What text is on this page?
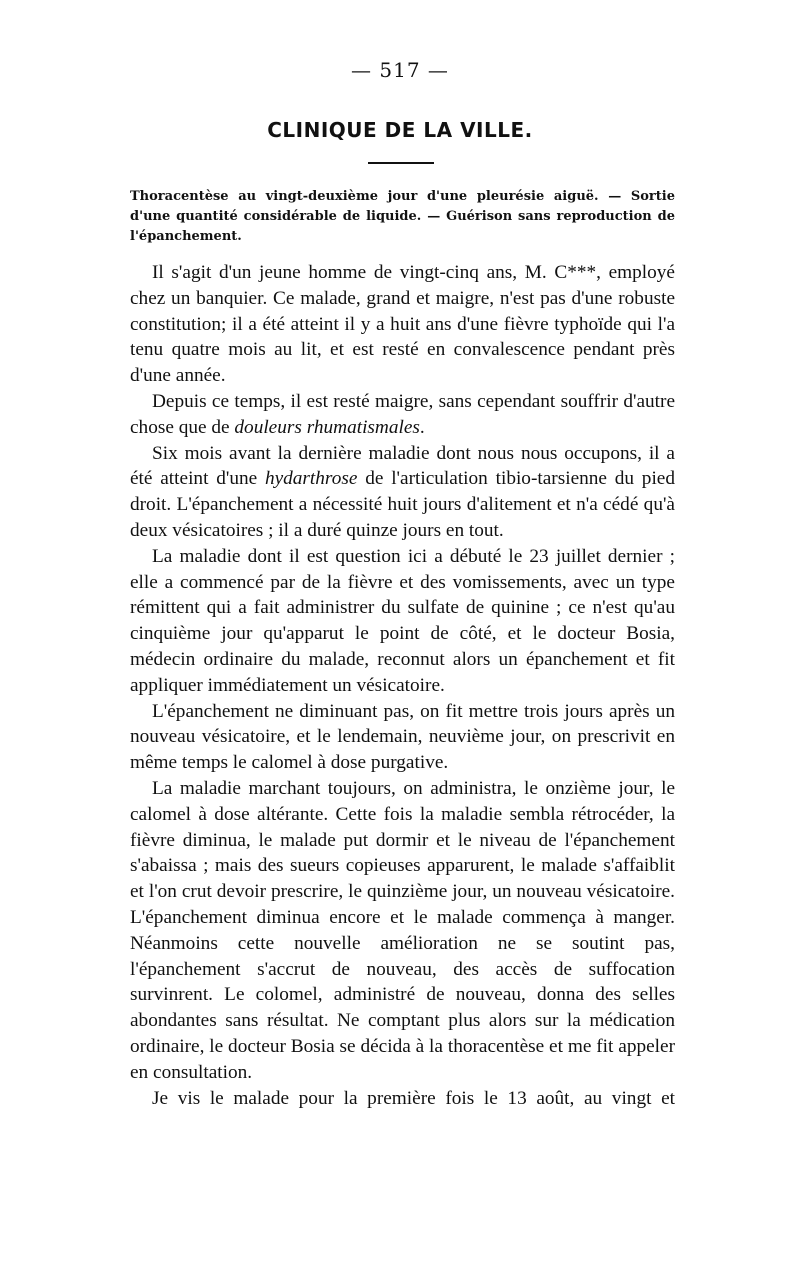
— 517 —
CLINIQUE DE LA VILLE.
Thoracentèse au vingt-deuxième jour d'une pleurésie aiguë. — Sortie d'une quantité considérable de liquide. — Guérison sans reproduction de l'épanchement.

Il s'agit d'un jeune homme de vingt-cinq ans, M. C***, employé chez un banquier. Ce malade, grand et maigre, n'est pas d'une robuste constitution; il a été atteint il y a huit ans d'une fièvre typhoïde qui l'a tenu quatre mois au lit, et est resté en convalescence pendant près d'une année.

Depuis ce temps, il est resté maigre, sans cependant souffrir d'autre chose que de douleurs rhumatismales.

Six mois avant la dernière maladie dont nous nous occupons, il a été atteint d'une hydarthrose de l'articulation tibio-tarsienne du pied droit. L'épanchement a nécessité huit jours d'alitement et n'a cédé qu'à deux vésicatoires ; il a duré quinze jours en tout.

La maladie dont il est question ici a débuté le 23 juillet dernier ; elle a commencé par de la fièvre et des vomissements, avec un type rémittent qui a fait administrer du sulfate de quinine ; ce n'est qu'au cinquième jour qu'apparut le point de côté, et le docteur Bosia, médecin ordinaire du malade, reconnut alors un épanchement et fit appliquer immédiatement un vésicatoire.

L'épanchement ne diminuant pas, on fit mettre trois jours après un nouveau vésicatoire, et le lendemain, neuvième jour, on prescrivit en même temps le calomel à dose purgative.

La maladie marchant toujours, on administra, le onzième jour, le calomel à dose altérante. Cette fois la maladie sembla rétrocéder, la fièvre diminua, le malade put dormir et le niveau de l'épanchement s'abaissa ; mais des sueurs copieuses apparurent, le malade s'affaiblit et l'on crut devoir prescrire, le quinzième jour, un nouveau vésicatoire. L'épanchement diminua encore et le malade commença à manger. Néanmoins cette nouvelle amélioration ne se soutint pas, l'épanchement s'accrut de nouveau, des accès de suffocation survinrent. Le colomel, administré de nouveau, donna des selles abondantes sans résultat. Ne comptant plus alors sur la médication ordinaire, le docteur Bosia se décida à la thoracentèse et me fit appeler en consultation.

Je vis le malade pour la première fois le 13 août, au vingt et
